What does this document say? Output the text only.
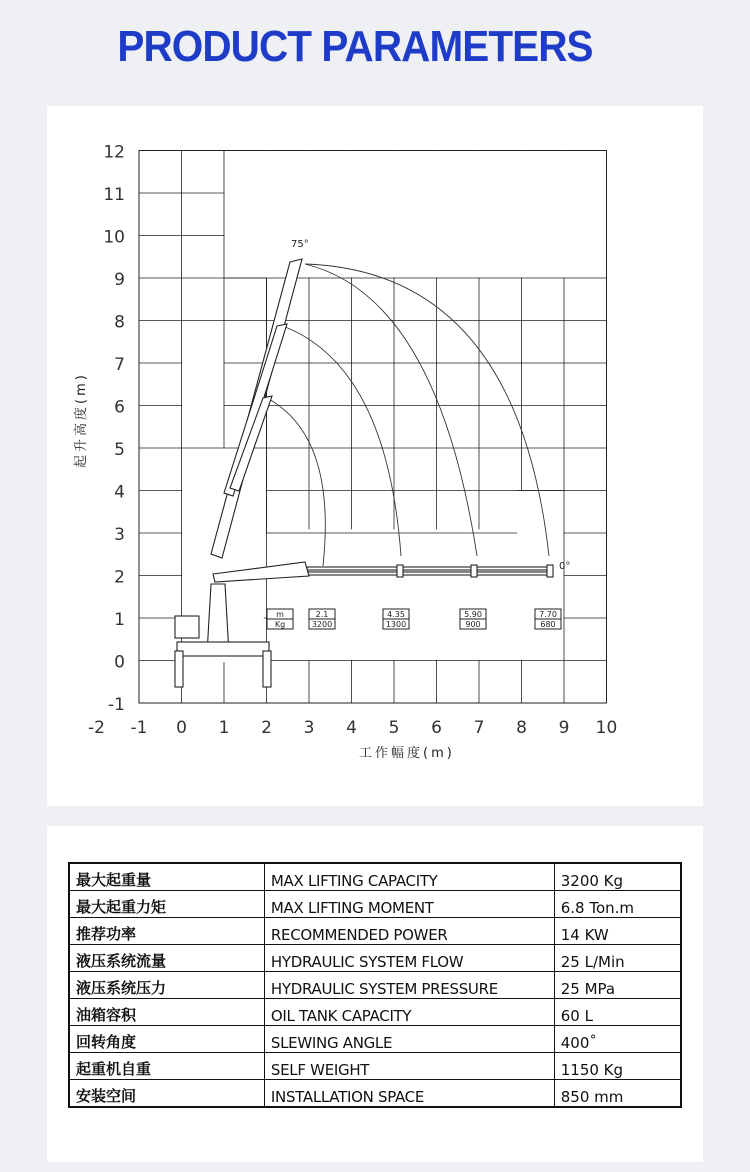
PRODUCT PARAMETERS
-2 -1 0 1 2 3 4 5 6 7 8 9 10
12
11
10
9
8
7
6
5
4
3
2
1
0
-1
m
Kg
2.1
3200
4.35
1300
5.90
900
7.70
680
75°
0°
工作幅度(m)
起升高度(m)
最大起重量	MAX LIFTING CAPACITY	3200 Kg
最大起重力矩	MAX LIFTING MOMENT	6.8 Ton.m
推荐功率	RECOMMENDED POWER	14 KW
液压系统流量	HYDRAULIC SYSTEM FLOW	25 L/Min
液压系统压力	HYDRAULIC SYSTEM PRESSURE	25 MPa
油箱容积	OIL TANK CAPACITY	60 L
回转角度	SLEWING ANGLE	400˚
起重机自重	SELF WEIGHT	1150 Kg
安装空间	INSTALLATION SPACE	850 mm
